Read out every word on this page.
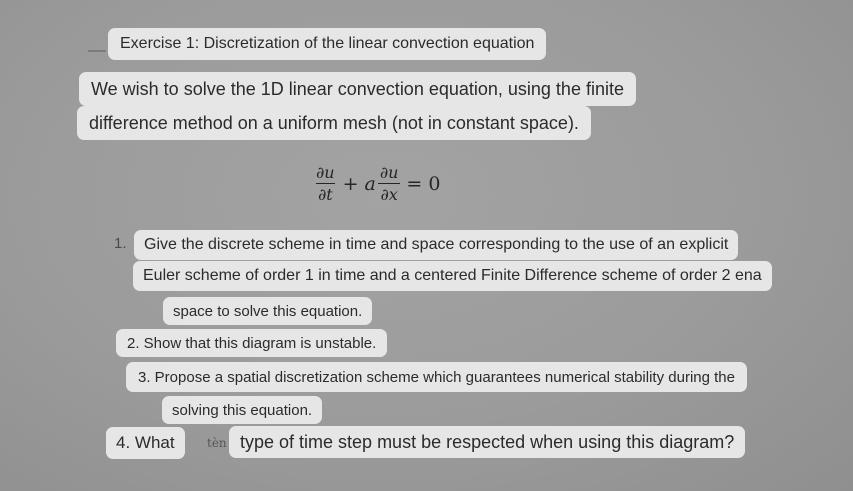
Exercise 1: Discretization of the linear convection equation
We wish to solve the 1D linear convection equation, using the finite
difference method on a uniform mesh (not in constant space).
$\frac{\partial u}{\partial t} + a \frac{\partial u}{\partial x} = 0$
1.	Give the discrete scheme in time and space corresponding to the use of an explicit
Euler scheme of order 1 in time and a centered Finite Difference scheme of order 2 ena
space to solve this equation.
2. Show that this diagram is unstable.
3. Propose a spatial discretization scheme which guarantees numerical stability during the
solving this equation.
4. What	tèn type of time step must be respected when using this diagram?
